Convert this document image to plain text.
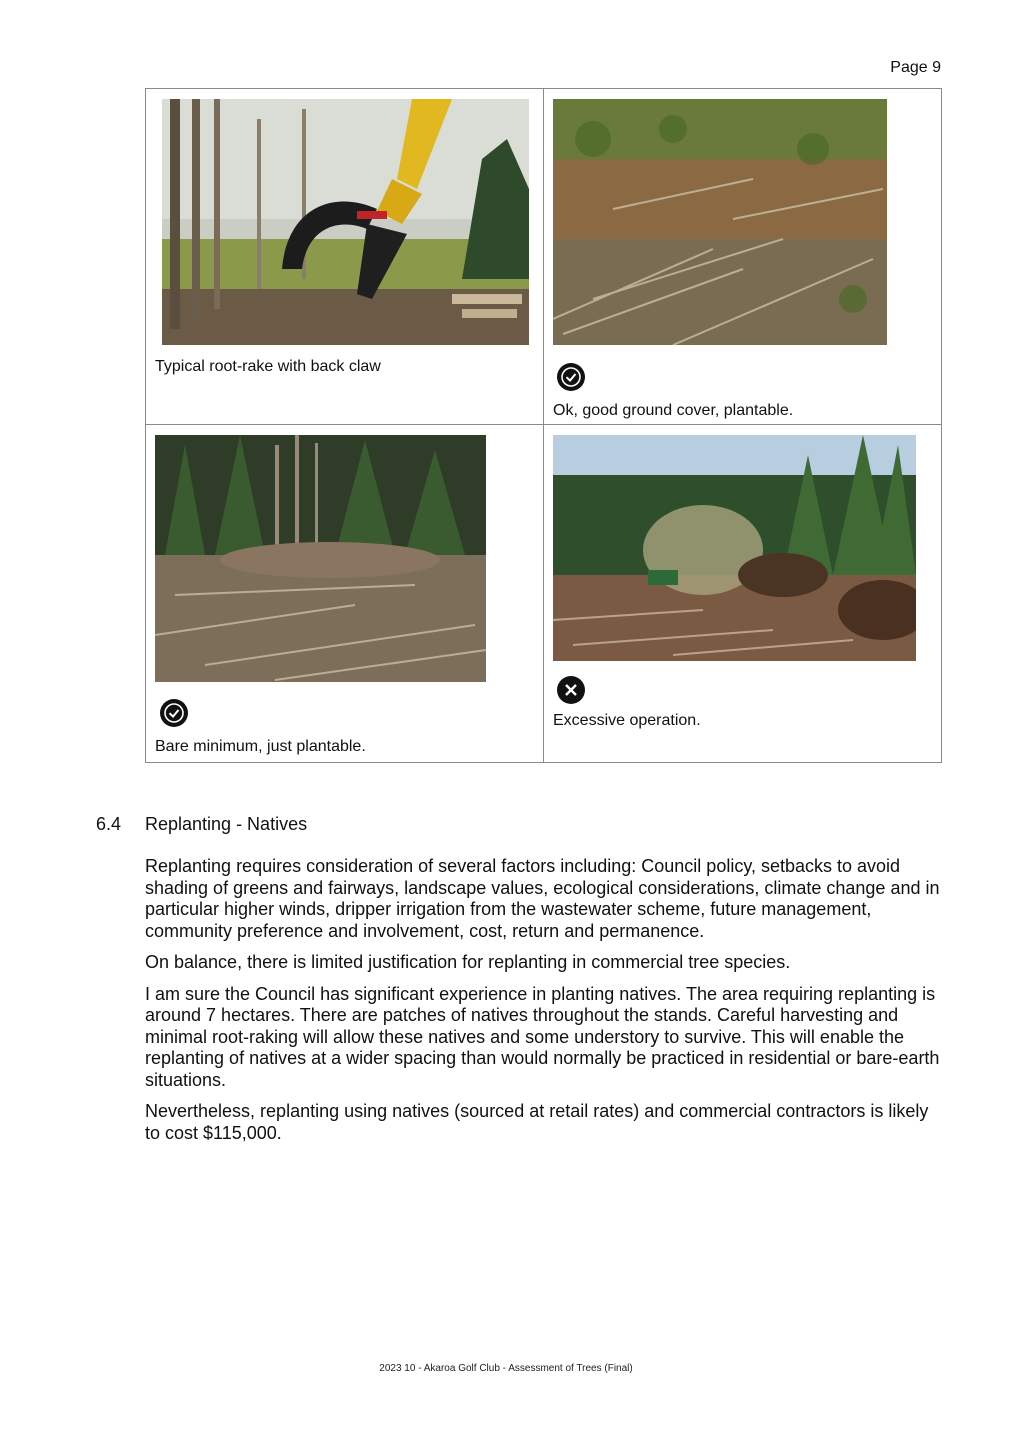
Page 9
Typical root-rake with back claw	Ok, good ground cover, plantable.

Bare minimum, just plantable.	Excessive operation.
6.4 Replanting - Natives

Replanting requires consideration of several factors including: Council policy, setbacks to avoid shading of greens and fairways, landscape values, ecological considerations, climate change and in particular higher winds, dripper irrigation from the wastewater scheme, future management, community preference and involvement, cost, return and permanence.

On balance, there is limited justification for replanting in commercial tree species.

I am sure the Council has significant experience in planting natives. The area requiring replanting is around 7 hectares. There are patches of natives throughout the stands. Careful harvesting and minimal root-raking will allow these natives and some understory to survive. This will enable the replanting of natives at a wider spacing than would normally be practiced in residential or bare-earth situations.

Nevertheless, replanting using natives (sourced at retail rates) and commercial contractors is likely to cost $115,000.

2023 10 - Akaroa Golf Club - Assessment of Trees (Final)
